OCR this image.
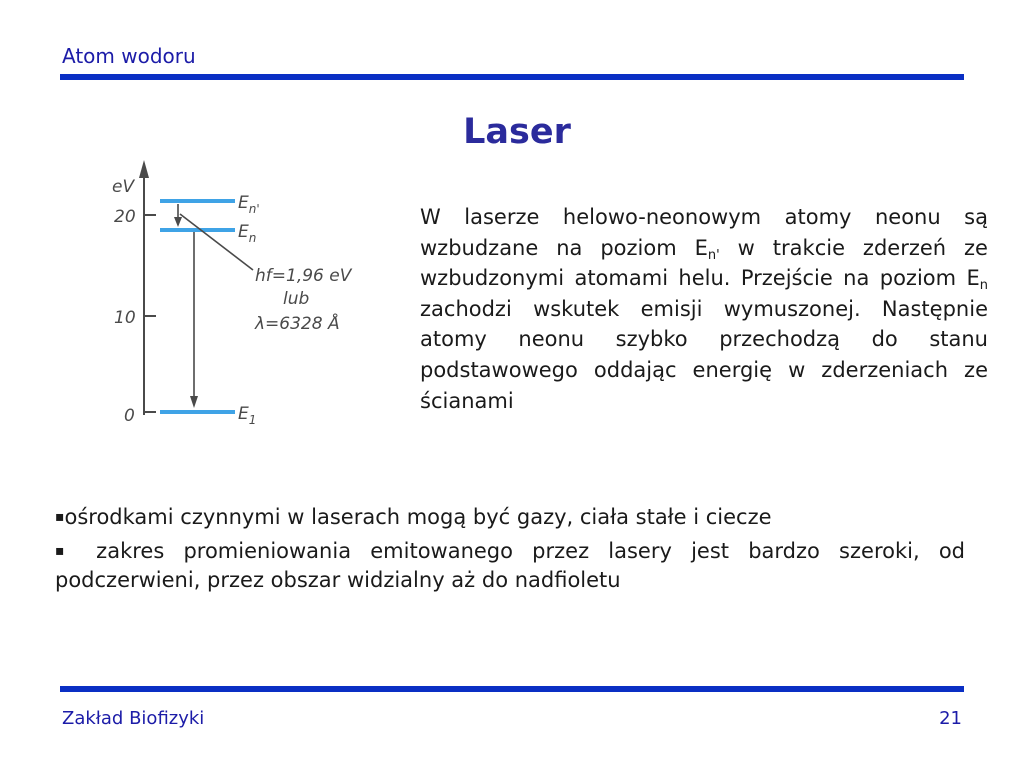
Atom wodoru
Laser
eV
20
10
0
$E_{n'}$
$E_n$
$E_1$
hf=1,96 eV
lub
λ=6328 Å
W laserze helowo-neonowym atomy neonu są wzbudzane na poziom $E_{n'}$ w trakcie zderzeń ze wzbudzonymi atomami helu. Przejście na poziom $E_n$ zachodzi wskutek emisji wymuszonej. Następnie atomy neonu szybko przechodzą do stanu podstawowego oddając energię w zderzeniach ze ścianami
▪ośrodkami czynnymi w laserach mogą być gazy, ciała stałe i ciecze
▪ zakres promieniowania emitowanego przez lasery jest bardzo szeroki, od podczerwieni, przez obszar widzialny aż do nadfioletu
Zakład Biofizyki	21
